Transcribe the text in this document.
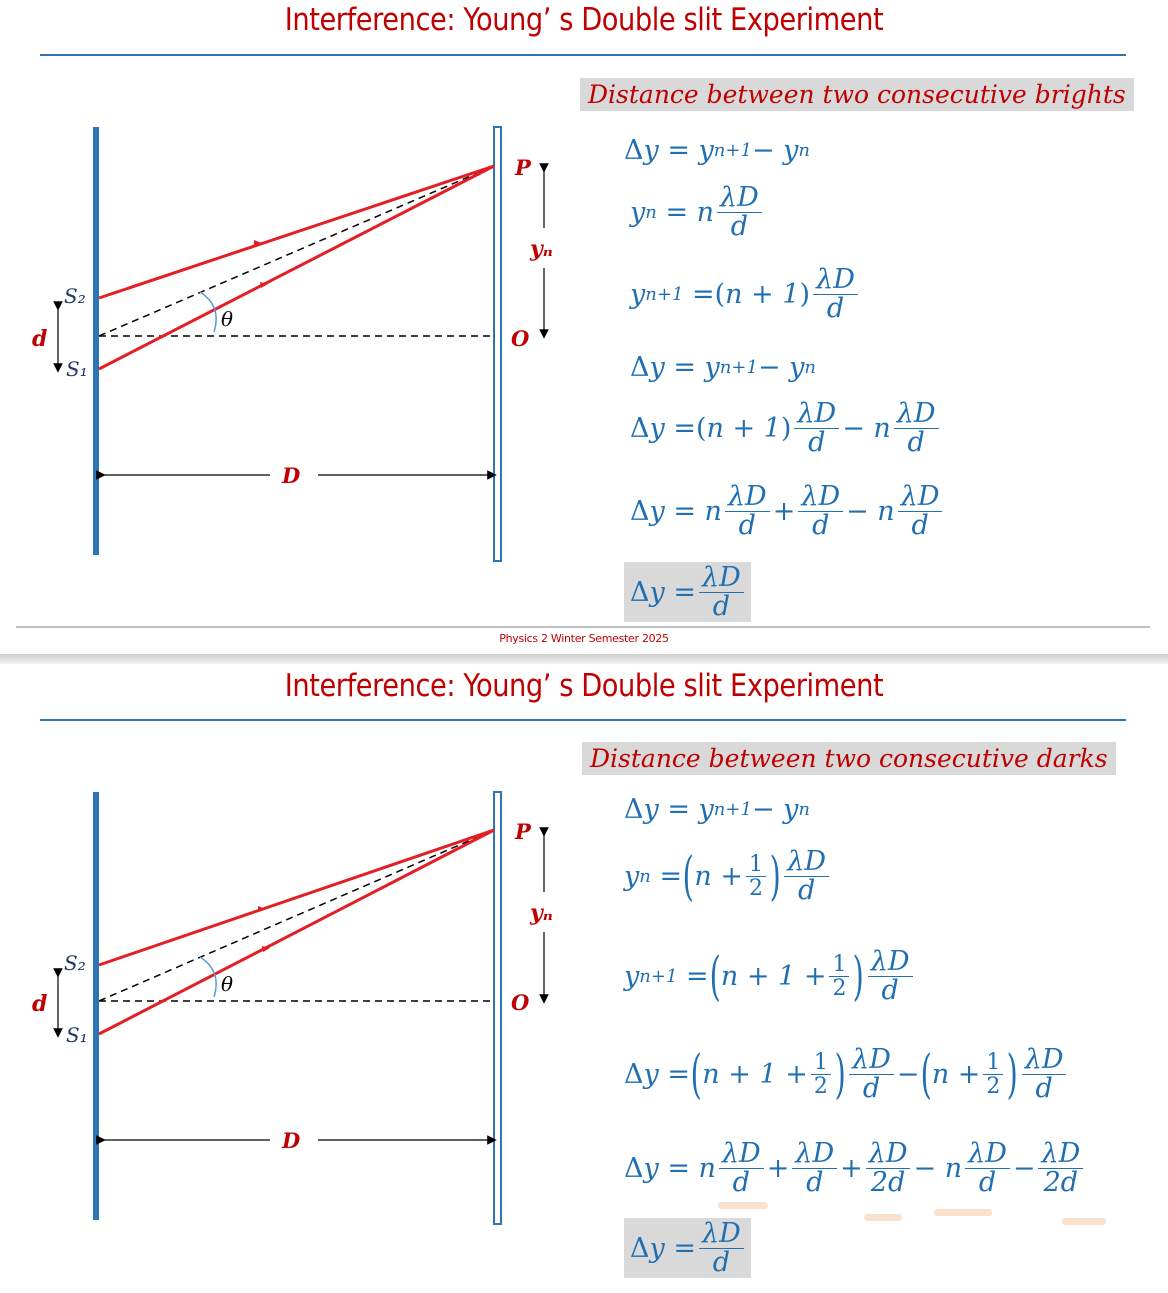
Interference: Young’ s Double slit Experiment
θ
S₂
S₁
d
P
O
yₙ
D
Distance between two consecutive brights
Δ y = y n+1 − y n
y n = n $\frac{\lambda D}{d}$
y n+1 = ( n + 1 ) $\frac{\lambda D}{d}$
Δ y = y n+1 − y n
Δ y = ( n + 1 ) $\frac{\lambda D}{d} - n \frac{\lambda D}{d}$
Δ y = n $\frac{\lambda D}{d} + \frac{\lambda D}{d} - n \frac{\lambda D}{d}$
Δ $y = \frac{\lambda D}{d}$
Physics 2 Winter Semester 2025
Interference: Young’ s Double slit Experiment
θ
S₂
S₁
d
P
O
yₙ
D
Distance between two consecutive darks
Δ y = y n+1 − y n
y n = ( $n + \frac{1}{2}$ ) $\frac{\lambda D}{d}$
y n+1 = ( $n + 1 + \frac{1}{2}$ ) $\frac{\lambda D}{d}$
Δ y = ( $n + 1 + \frac{1}{2}$ ) $\frac{\lambda D}{d}$ − ( $n + \frac{1}{2}$ ) $\frac{\lambda D}{d}$
Δ y = n $\frac{\lambda D}{d} + \frac{\lambda D}{d} + \frac{\lambda D}{2d} - n \frac{\lambda D}{d} - \frac{\lambda D}{2d}$
Δ $y = \frac{\lambda D}{d}$
